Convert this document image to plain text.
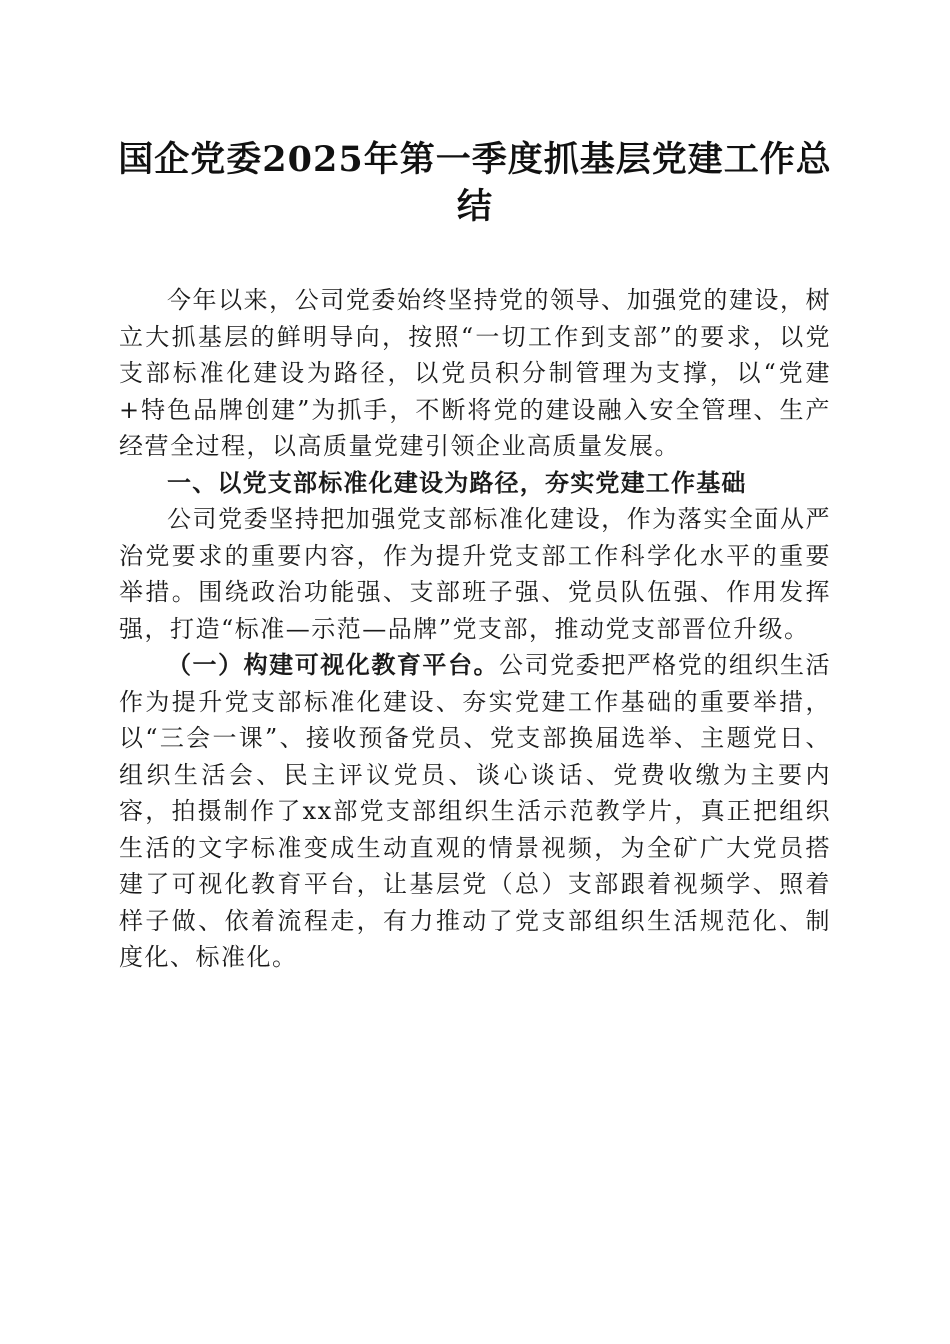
国企党委2025年第一季度抓基层党建工作总结

今年以来，公司党委始终坚持党的领导、加强党的建设，树立大抓基层的鲜明导向，按照“一切工作到支部”的要求，以党支部标准化建设为路径，以党员积分制管理为支撑，以“党建+特色品牌创建”为抓手，不断将党的建设融入安全管理、生产经营全过程，以高质量党建引领企业高质量发展。

一、以党支部标准化建设为路径，夯实党建工作基础

公司党委坚持把加强党支部标准化建设，作为落实全面从严治党要求的重要内容，作为提升党支部工作科学化水平的重要举措。围绕政治功能强、支部班子强、党员队伍强、作用发挥强，打造“标准—示范—品牌”党支部，推动党支部晋位升级。

（一）构建可视化教育平台。公司党委把严格党的组织生活作为提升党支部标准化建设、夯实党建工作基础的重要举措，以“三会一课”、接收预备党员、党支部换届选举、主题党日、组织生活会、民主评议党员、谈心谈话、党费收缴为主要内容，拍摄制作了xx部党支部组织生活示范教学片，真正把组织生活的文字标准变成生动直观的情景视频，为全矿广大党员搭建了可视化教育平台，让基层党（总）支部跟着视频学、照着样子做、依着流程走，有力推动了党支部组织生活规范化、制度化、标准化。
